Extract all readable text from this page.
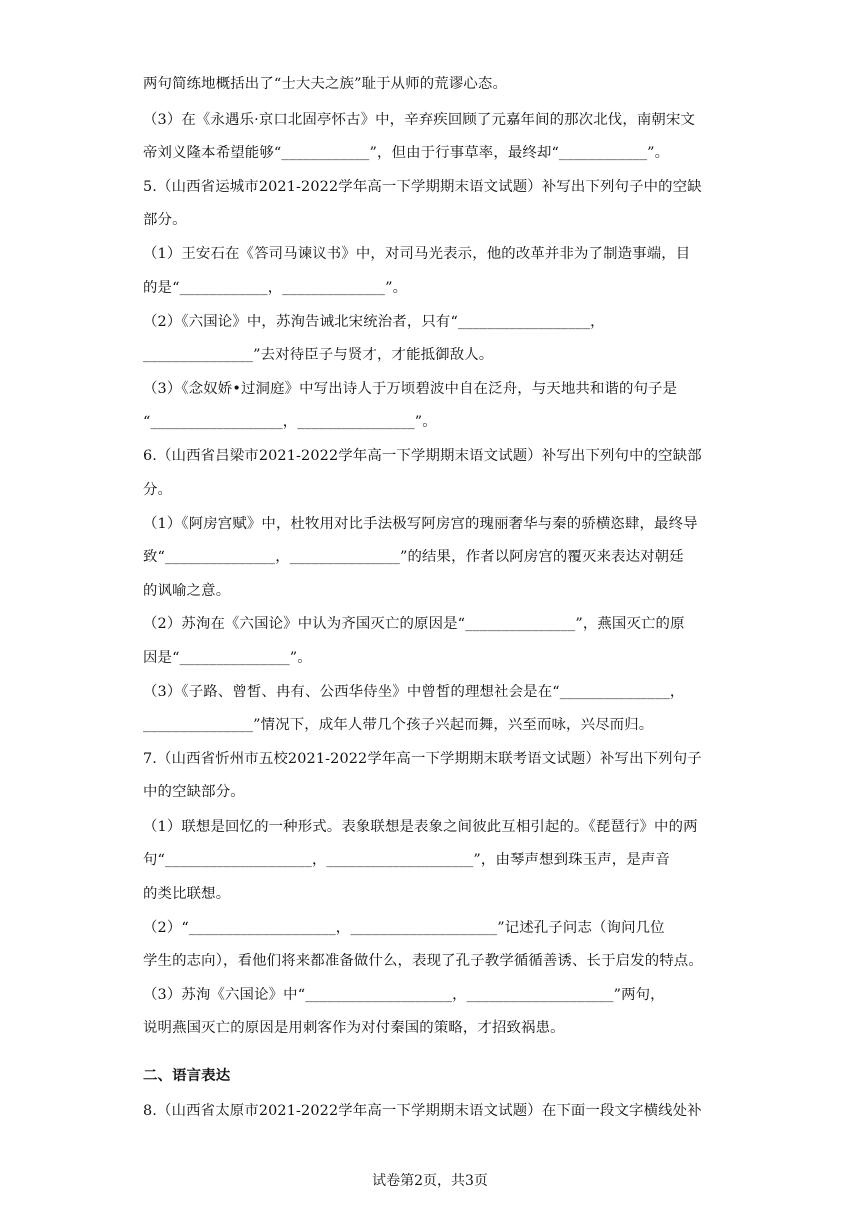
两句简练地概括出了“士大夫之族”耻于从师的荒谬心态。
（3）在《永遇乐·京口北固亭怀古》中，辛弃疾回顾了元嘉年间的那次北伐，南朝宋文
帝刘义隆本希望能够“____________”，但由于行事草率，最终却“____________”。
5.（山西省运城市2021-2022学年高一下学期期末语文试题）补写出下列句子中的空缺
部分。
（1）王安石在《答司马谏议书》中，对司马光表示，他的改革并非为了制造事端，目
的是“____________，______________”。
（2）《六国论》中，苏洵告诫北宋统治者，只有“__________________，
_______________”去对待臣子与贤才，才能抵御敌人。
（3）《念奴娇•过洞庭》中写出诗人于万顷碧波中自在泛舟，与天地共和谐的句子是
“__________________，________________”。
6.（山西省吕梁市2021-2022学年高一下学期期末语文试题）补写出下列句中的空缺部
分。
（1）《阿房宫赋》中，杜牧用对比手法极写阿房宫的瑰丽奢华与秦的骄横恣肆，最终导
致“_______________，_______________”的结果，作者以阿房宫的覆灭来表达对朝廷
的讽喻之意。
（2）苏洵在《六国论》中认为齐国灭亡的原因是“_______________”，燕国灭亡的原
因是“_______________”。
（3）《子路、曾皙、冉有、公西华侍坐》中曾皙的理想社会是在“_______________，
_______________”情况下，成年人带几个孩子兴起而舞，兴至而咏，兴尽而归。
7.（山西省忻州市五校2021-2022学年高一下学期期末联考语文试题）补写出下列句子
中的空缺部分。
（1）联想是回忆的一种形式。表象联想是表象之间彼此互相引起的。《琵琶行》中的两
句“____________________，____________________”，由琴声想到珠玉声，是声音
的类比联想。
（2）“____________________，____________________”记述孔子问志（询问几位
学生的志向），看他们将来都准备做什么，表现了孔子教学循循善诱、长于启发的特点。
（3）苏洵《六国论》中“____________________，____________________”两句，
说明燕国灭亡的原因是用刺客作为对付秦国的策略，才招致祸患。
二、语言表达
8.（山西省太原市2021-2022学年高一下学期期末语文试题）在下面一段文字横线处补
试卷第2页，共3页
